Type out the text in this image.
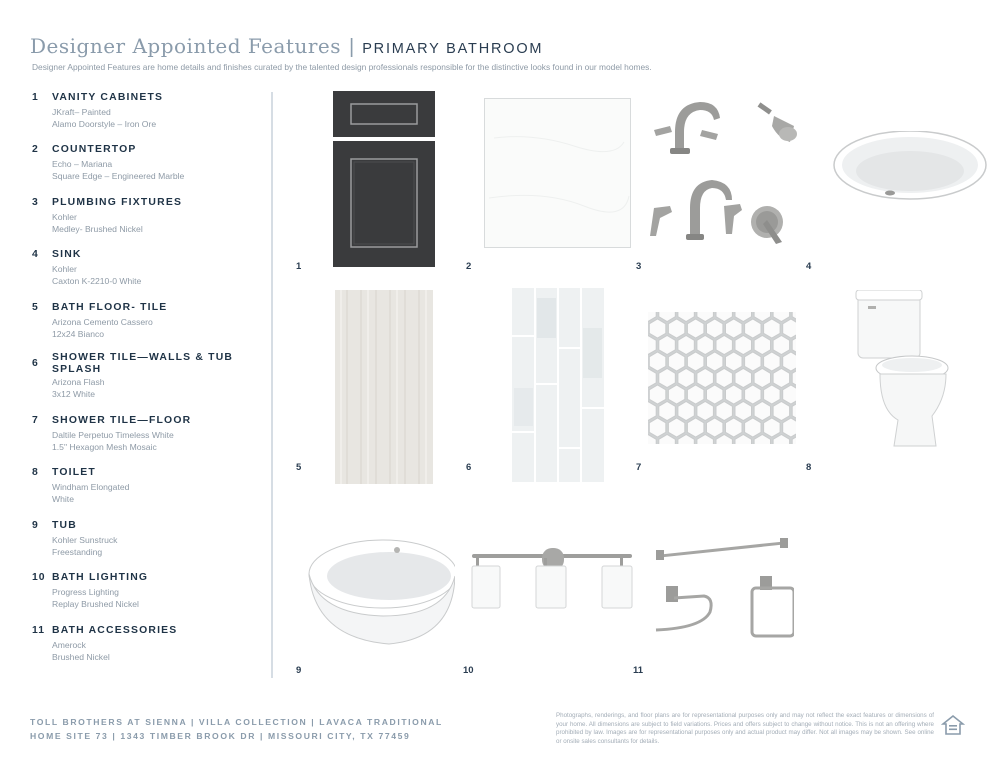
Designer Appointed Features | PRIMARY BATHROOM
Designer Appointed Features are home details and finishes curated by the talented design professionals responsible for the distinctive looks found in our model homes.
1 VANITY CABINETS
JKraft– Painted
Alamo Doorstyle – Iron Ore
2 COUNTERTOP
Echo – Mariana
Square Edge – Engineered Marble
3 PLUMBING FIXTURES
Kohler
Medley- Brushed Nickel
4 SINK
Kohler
Caxton K-2210-0 White
5 BATH FLOOR- TILE
Arizona Cemento Cassero
12x24 Bianco
6
SHOWER TILE—WALLS & TUB SPLASH
Arizona Flash
3x12 White
7 SHOWER TILE—FLOOR
Daltile Perpetuo Timeless White
1.5" Hexagon Mesh Mosaic
8 TOILET
Windham Elongated
White
9 TUB
Kohler Sunstruck
Freestanding
10 BATH LIGHTING
Progress Lighting
Replay Brushed Nickel
11 BATH ACCESSORIES
Amerock
Brushed Nickel
1	2	3	4
5	6	7	8
9	10	11
TOLL BROTHERS AT SIENNA | VILLA COLLECTION | LAVACA TRADITIONAL
HOME SITE 73 | 1343 TIMBER BROOK DR | MISSOURI CITY, TX 77459
Photographs, renderings, and floor plans are for representational purposes only and may not reflect the exact features or dimensions of your home. All dimensions are subject to field variations. Prices and offers subject to change without notice. This is not an offering where prohibited by law. Images are for representational purposes only and actual product may differ. Not all images may be shown. See online or onsite sales consultants for details.
